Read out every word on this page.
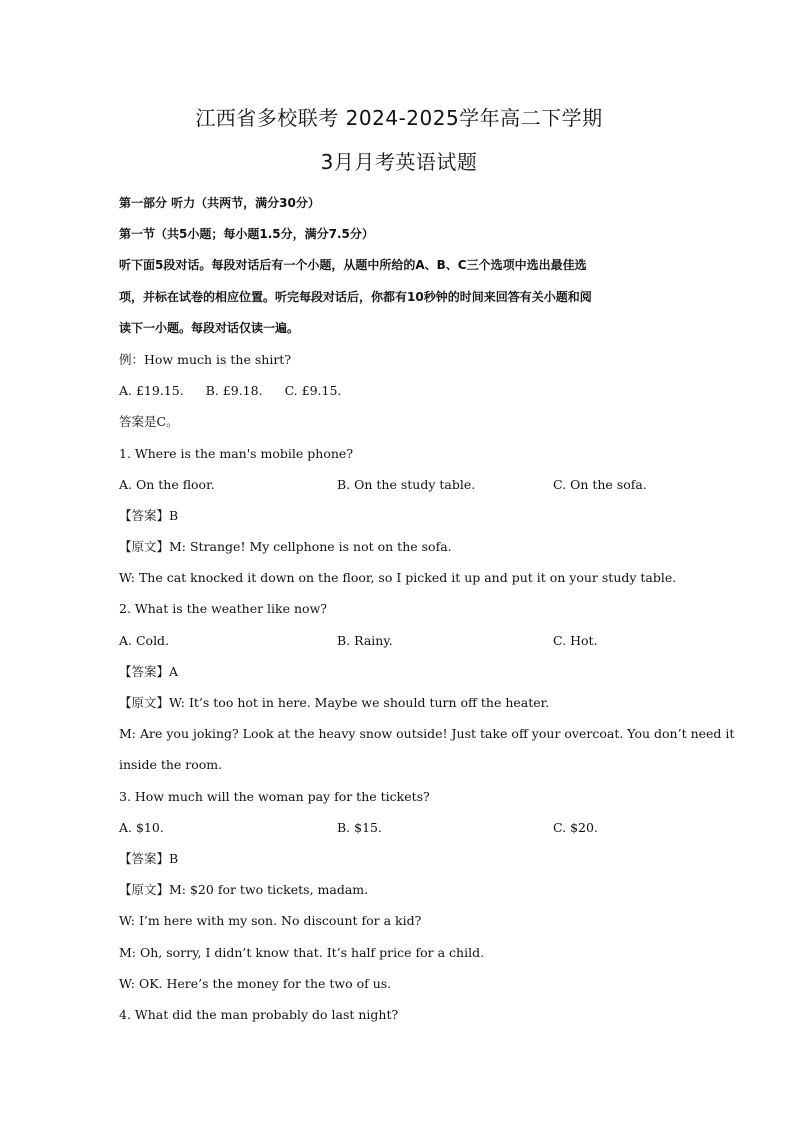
江西省多校联考 2024-2025学年高二下学期
3月月考英语试题
第一部分 听力（共两节，满分30分）
第一节（共5小题；每小题1.5分，满分7.5分）
听下面5段对话。每段对话后有一个小题，从题中所给的A、B、C三个选项中选出最佳选
项，并标在试卷的相应位置。听完每段对话后，你都有10秒钟的时间来回答有关小题和阅
读下一小题。每段对话仅读一遍。
例：How much is the shirt?
A. £19.15. B. £9.18. C. £9.15.
答案是C。
1. Where is the man's mobile phone?
A. On the floor.	B. On the study table.	C. On the sofa.
【答案】B
【原文】M: Strange! My cellphone is not on the sofa.
W: The cat knocked it down on the floor, so I picked it up and put it on your study table.
2. What is the weather like now?
A. Cold.	B. Rainy.	C. Hot.
【答案】A
【原文】W: It’s too hot in here. Maybe we should turn off the heater.
M: Are you joking? Look at the heavy snow outside! Just take off your overcoat. You don’t need it
inside the room.
3. How much will the woman pay for the tickets?
A. $10.	B. $15.	C. $20.
【答案】B
【原文】M: $20 for two tickets, madam.
W: I’m here with my son. No discount for a kid?
M: Oh, sorry, I didn’t know that. It’s half price for a child.
W: OK. Here’s the money for the two of us.
4. What did the man probably do last night?
